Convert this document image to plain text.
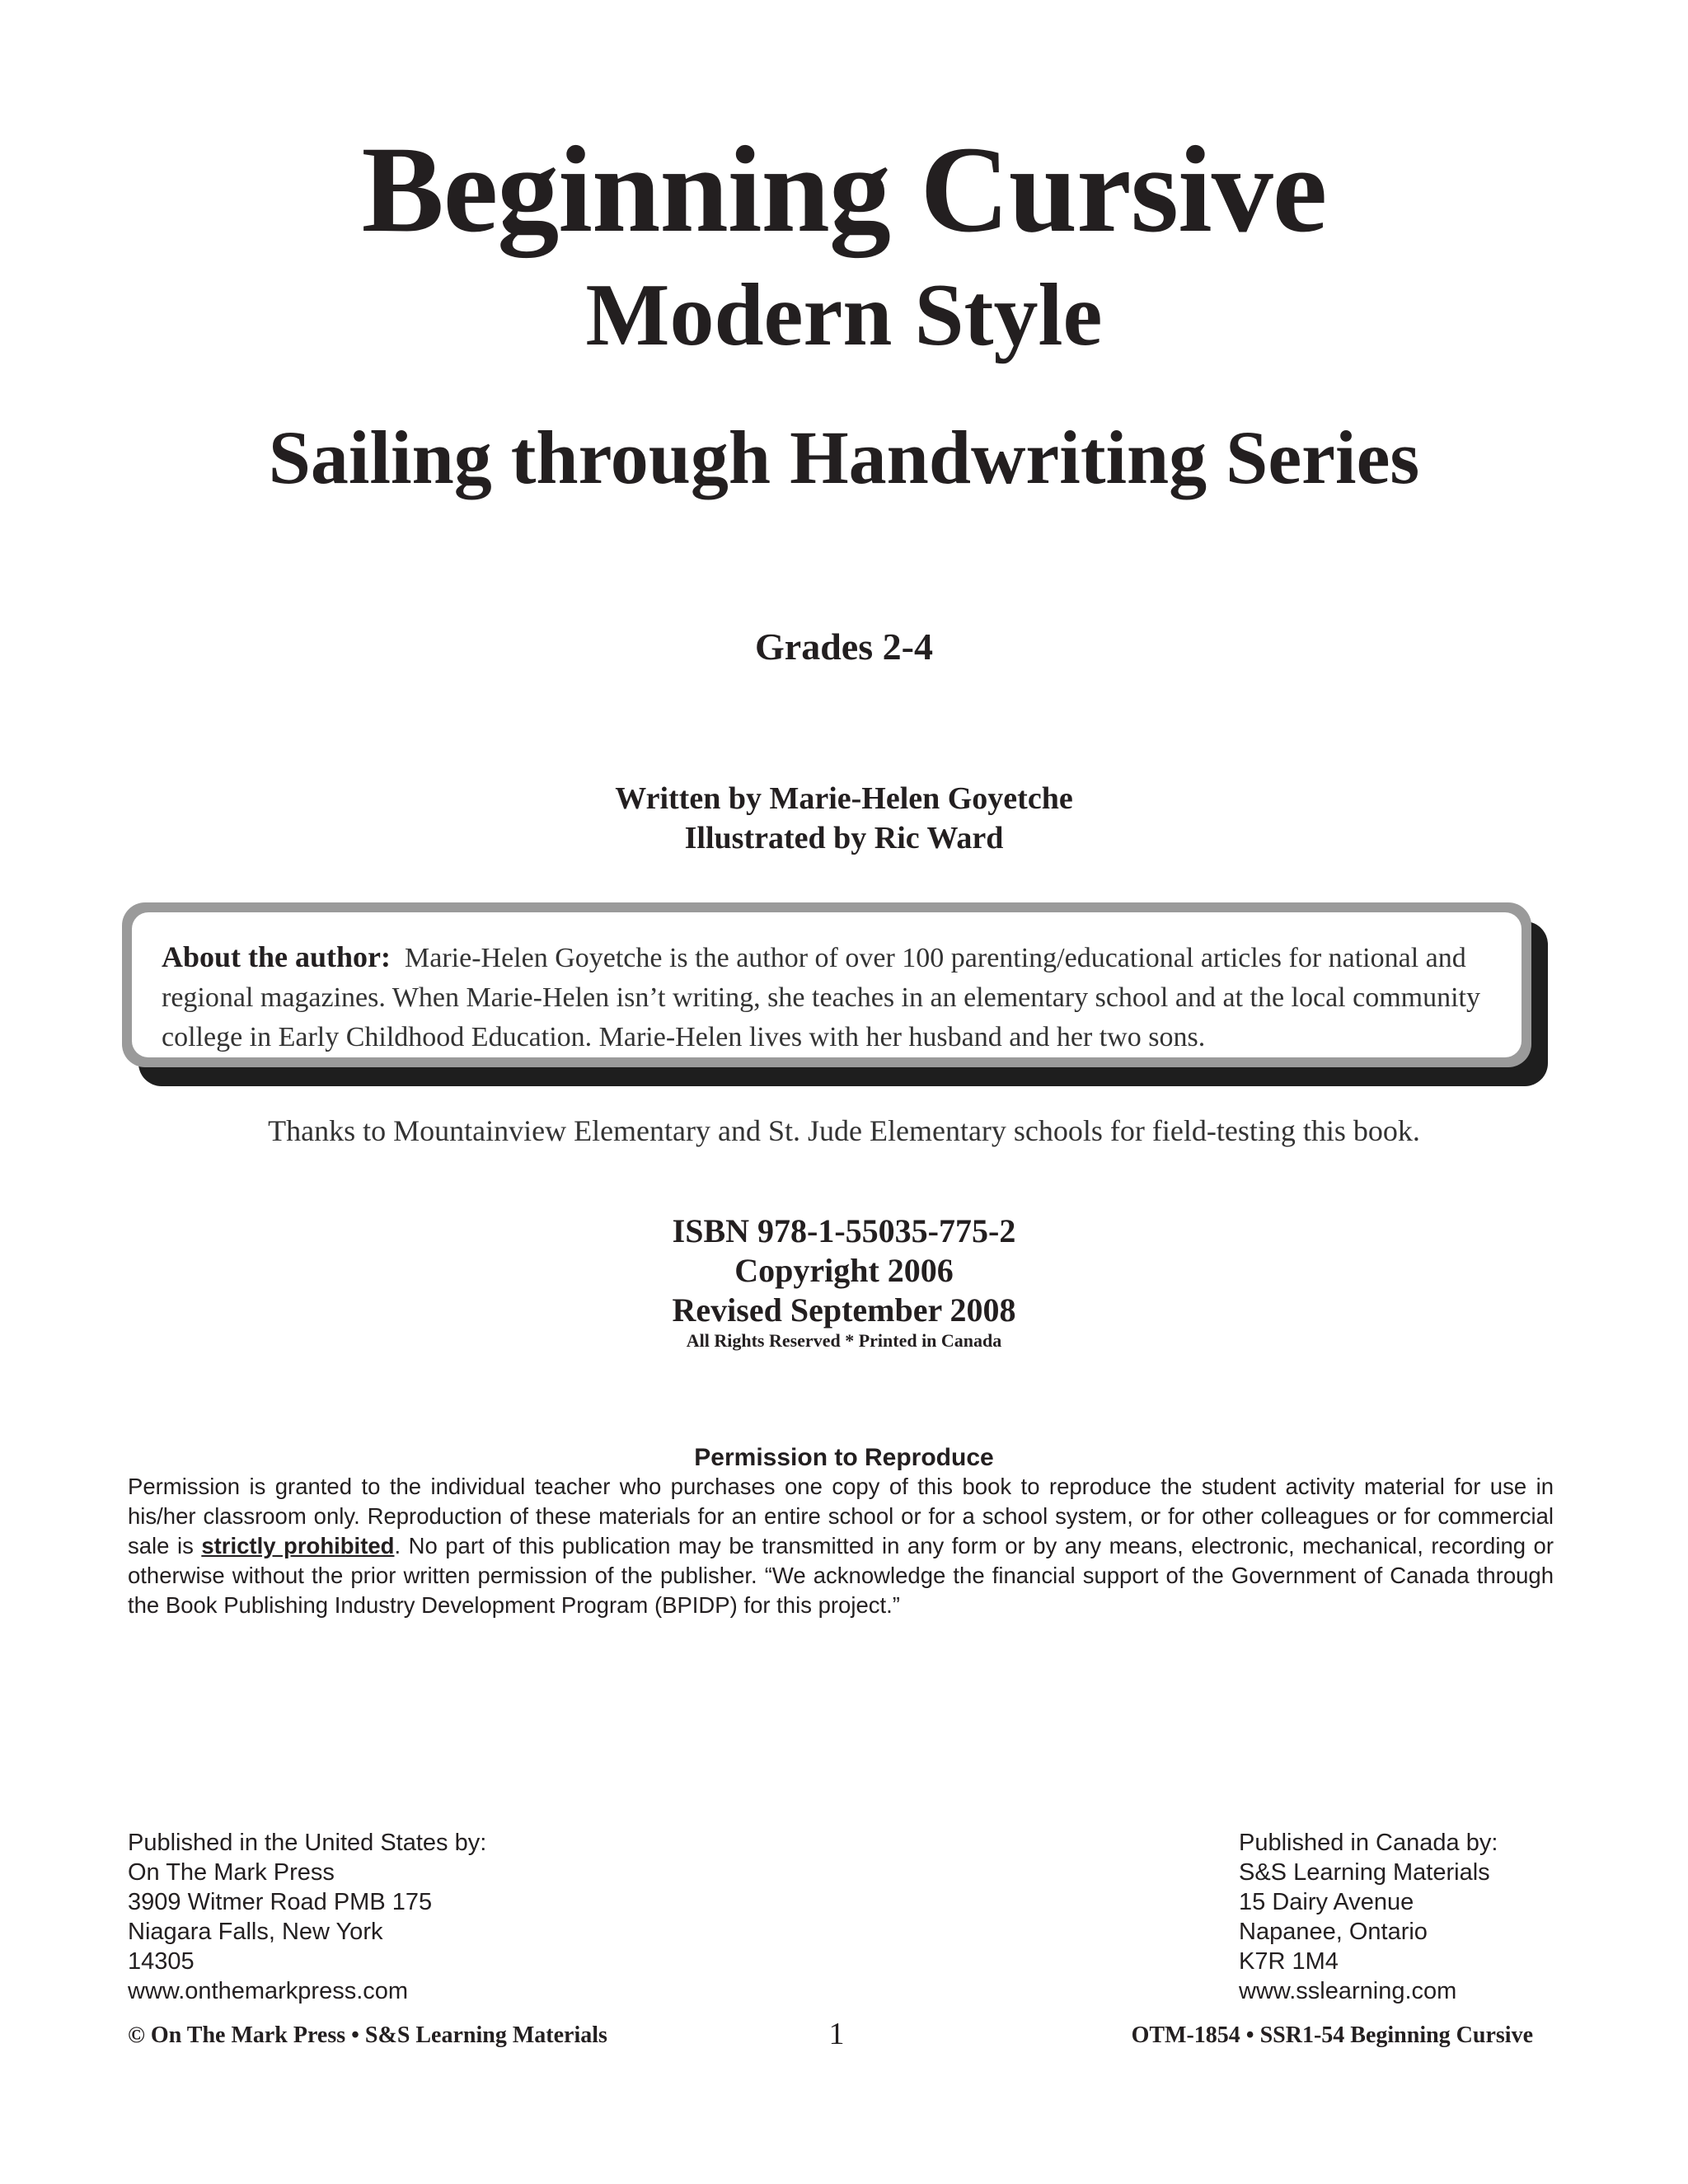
Beginning Cursive
Modern Style
Sailing through Handwriting Series
Grades 2-4
Written by Marie-Helen Goyetche
Illustrated by Ric Ward
About the author: Marie-Helen Goyetche is the author of over 100 parenting/educational articles for national and regional magazines. When Marie-Helen isn’t writing, she teaches in an elementary school and at the local community college in Early Childhood Education. Marie-Helen lives with her husband and her two sons.
Thanks to Mountainview Elementary and St. Jude Elementary schools for field-testing this book.
ISBN 978-1-55035-775-2
Copyright 2006
Revised September 2008
All Rights Reserved * Printed in Canada
Permission to Reproduce
Permission is granted to the individual teacher who purchases one copy of this book to reproduce the student activity material for use in his/her classroom only. Reproduction of these materials for an entire school or for a school system, or for other colleagues or for commercial sale is strictly prohibited. No part of this publication may be transmitted in any form or by any means, electronic, mechanical, recording or otherwise without the prior written permission of the publisher. “We acknowledge the financial support of the Government of Canada through the Book Publishing Industry Development Program (BPIDP) for this project.”
Published in the United States by:
On The Mark Press
3909 Witmer Road PMB 175
Niagara Falls, New York
14305
www.onthemarkpress.com
Published in Canada by:
S&S Learning Materials
15 Dairy Avenue
Napanee, Ontario
K7R 1M4
www.sslearning.com
© On The Mark Press • S&S Learning Materials	1	OTM-1854 • SSR1-54 Beginning Cursive
